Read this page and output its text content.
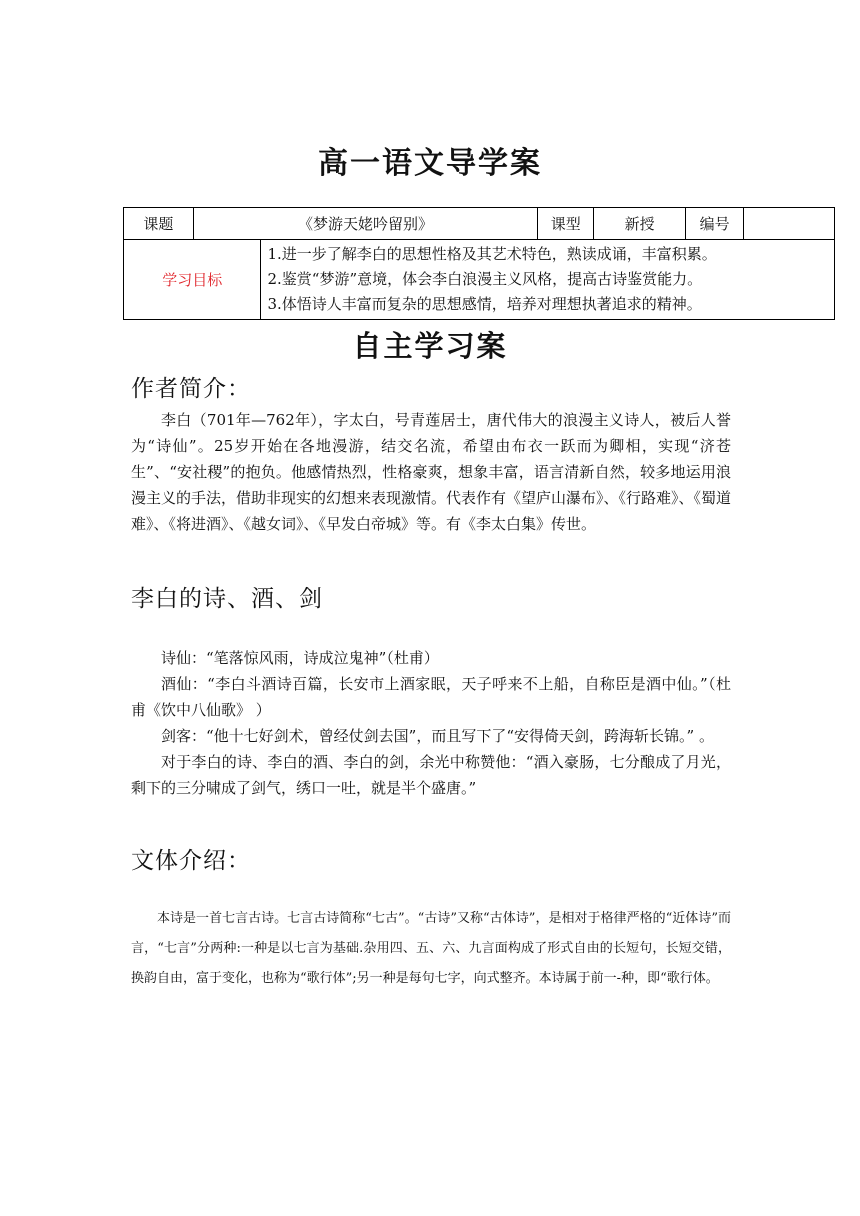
高一语文导学案
课题	《梦游天姥吟留别》		课型	新授	编号	
学习目标		1.进一步了解李白的思想性格及其艺术特色，熟读成诵，丰富积累。
2.鉴赏“梦游”意境，体会李白浪漫主义风格，提高古诗鉴赏能力。
3.体悟诗人丰富而复杂的思想感情，培养对理想执著追求的精神。				
自主学习案
作者简介：

李白（701年—762年），字太白，号青莲居士，唐代伟大的浪漫主义诗人，被后人誉为“诗仙”。25岁开始在各地漫游，结交名流，希望由布衣一跃而为卿相，实现“济苍生”、“安社稷”的抱负。他感情热烈，性格豪爽，想象丰富，语言清新自然，较多地运用浪漫主义的手法，借助非现实的幻想来表现激情。代表作有《望庐山瀑布》、《行路难》、《蜀道难》、《将进酒》、《越女词》、《早发白帝城》等。有《李太白集》传世。

李白的诗、酒、剑

诗仙：“笔落惊风雨，诗成泣鬼神”（杜甫）

酒仙：“李白斗酒诗百篇，长安市上酒家眠，天子呼来不上船，自称臣是酒中仙。”（杜甫《饮中八仙歌》 ）

剑客：“他十七好剑术，曾经仗剑去国”，而且写下了“安得倚天剑，跨海斩长锦。” 。

对于李白的诗、李白的酒、李白的剑，余光中称赞他：“酒入豪肠，七分酿成了月光，剩下的三分啸成了剑气，绣口一吐，就是半个盛唐。”

文体介绍：

本诗是一首七言古诗。七言古诗简称“七古”。“古诗”又称“古体诗”，是相对于格律严格的“近体诗”而言，“七言”分两种:一种是以七言为基础.杂用四、五、六、九言面构成了形式自由的长短句，长短交错，换韵自由，富于变化，也称为“歌行体”;另一种是每句七字，向式整齐。本诗属于前一-种，即“歌行体。
